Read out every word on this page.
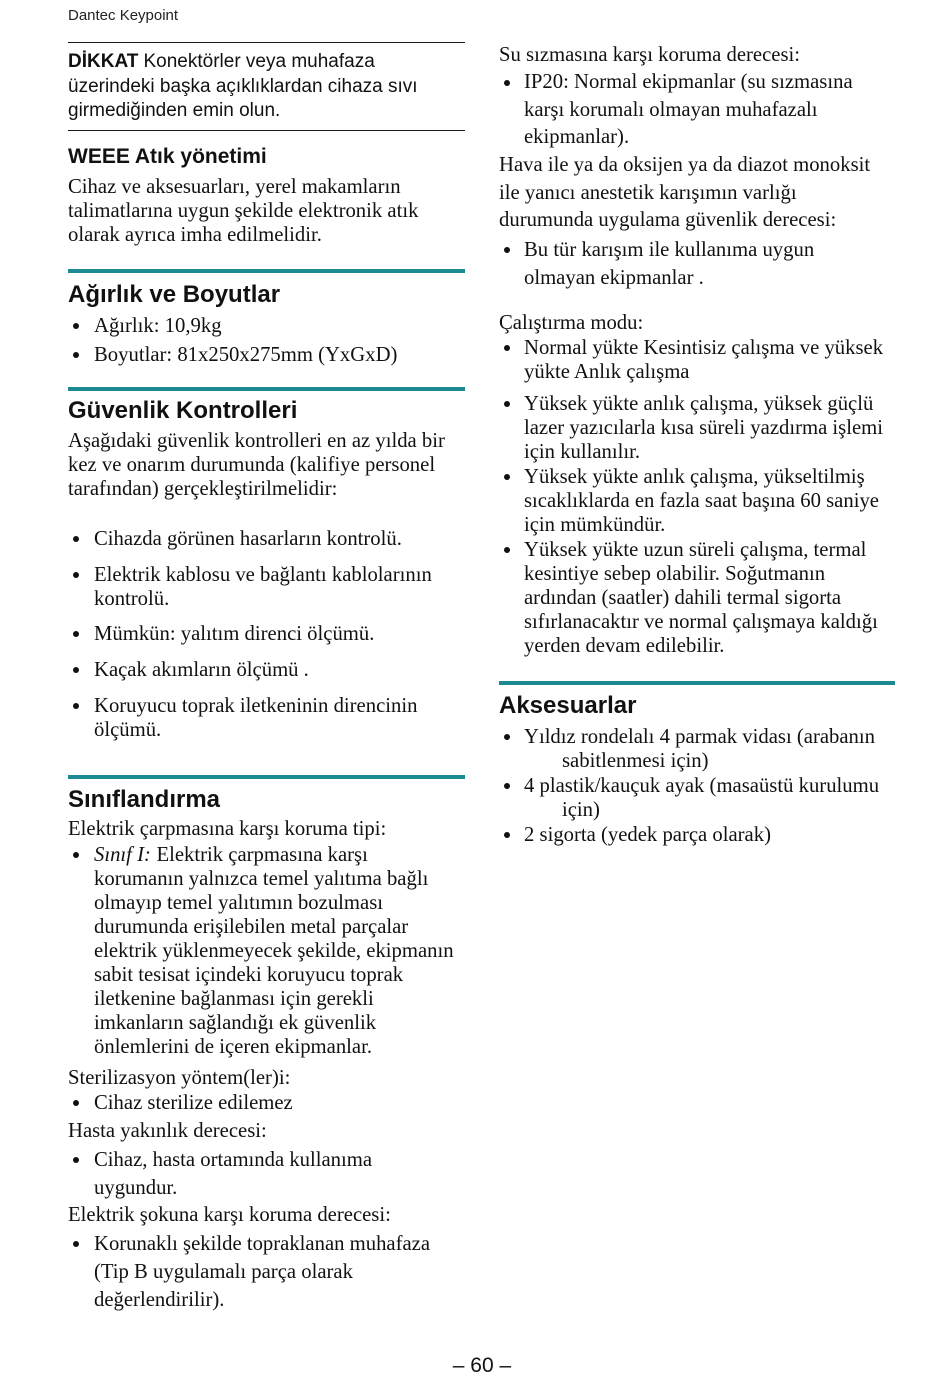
Dantec Keypoint
DİKKAT Konektörler veya muhafaza
üzerindeki başka açıklıklardan cihaza sıvı
girmediğinden emin olun.
WEEE Atık yönetimi
Cihaz ve aksesuarları, yerel makamların
talimatlarına uygun şekilde elektronik atık
olarak ayrıca imha edilmelidir.
Ağırlık ve Boyutlar
Ağırlık: 10,9kg
Boyutlar: 81x250x275mm (YxGxD)
Güvenlik Kontrolleri
Aşağıdaki güvenlik kontrolleri en az yılda bir
kez ve onarım durumunda (kalifiye personel
tarafından) gerçekleştirilmelidir:
Cihazda görünen hasarların kontrolü.
Elektrik kablosu ve bağlantı kablolarının
kontrolü.
Mümkün: yalıtım direnci ölçümü.
Kaçak akımların ölçümü .
Koruyucu toprak iletkeninin direncinin
ölçümü.
Sınıflandırma
Elektrik çarpmasına karşı koruma tipi:
Sınıf I: Elektrik çarpmasına karşı
korumanın yalnızca temel yalıtıma bağlı
olmayıp temel yalıtımın bozulması
durumunda erişilebilen metal parçalar
elektrik yüklenmeyecek şekilde, ekipmanın
sabit tesisat içindeki koruyucu toprak
iletkenine bağlanması için gerekli
imkanların sağlandığı ek güvenlik
önlemlerini de içeren ekipmanlar.
Sterilizasyon yöntem(ler)i:
Cihaz sterilize edilemez
Hasta yakınlık derecesi:
Cihaz, hasta ortamında kullanıma
uygundur.
Elektrik şokuna karşı koruma derecesi:
Korunaklı şekilde topraklanan muhafaza
(Tip B uygulamalı parça olarak
değerlendirilir).
Su sızmasına karşı koruma derecesi:
IP20: Normal ekipmanlar (su sızmasına
karşı korumalı olmayan muhafazalı
ekipmanlar).
Hava ile ya da oksijen ya da diazot monoksit
ile yanıcı anestetik karışımın varlığı
durumunda uygulama güvenlik derecesi:
Bu tür karışım ile kullanıma uygun
olmayan ekipmanlar .
Çalıştırma modu:
Normal yükte Kesintisiz çalışma ve yüksek
yükte Anlık çalışma
Yüksek yükte anlık çalışma, yüksek güçlü
lazer yazıcılarla kısa süreli yazdırma işlemi
için kullanılır.
Yüksek yükte anlık çalışma, yükseltilmiş
sıcaklıklarda en fazla saat başına 60 saniye
için mümkündür.
Yüksek yükte uzun süreli çalışma, termal
kesintiye sebep olabilir. Soğutmanın
ardından (saatler) dahili termal sigorta
sıfırlanacaktır ve normal çalışmaya kaldığı
yerden devam edilebilir.
Aksesuarlar
Yıldız rondelalı 4 parmak vidası (arabanın
sabitlenmesi için)
4 plastik/kauçuk ayak (masaüstü kurulumu
için)
2 sigorta (yedek parça olarak)
– 60 –
